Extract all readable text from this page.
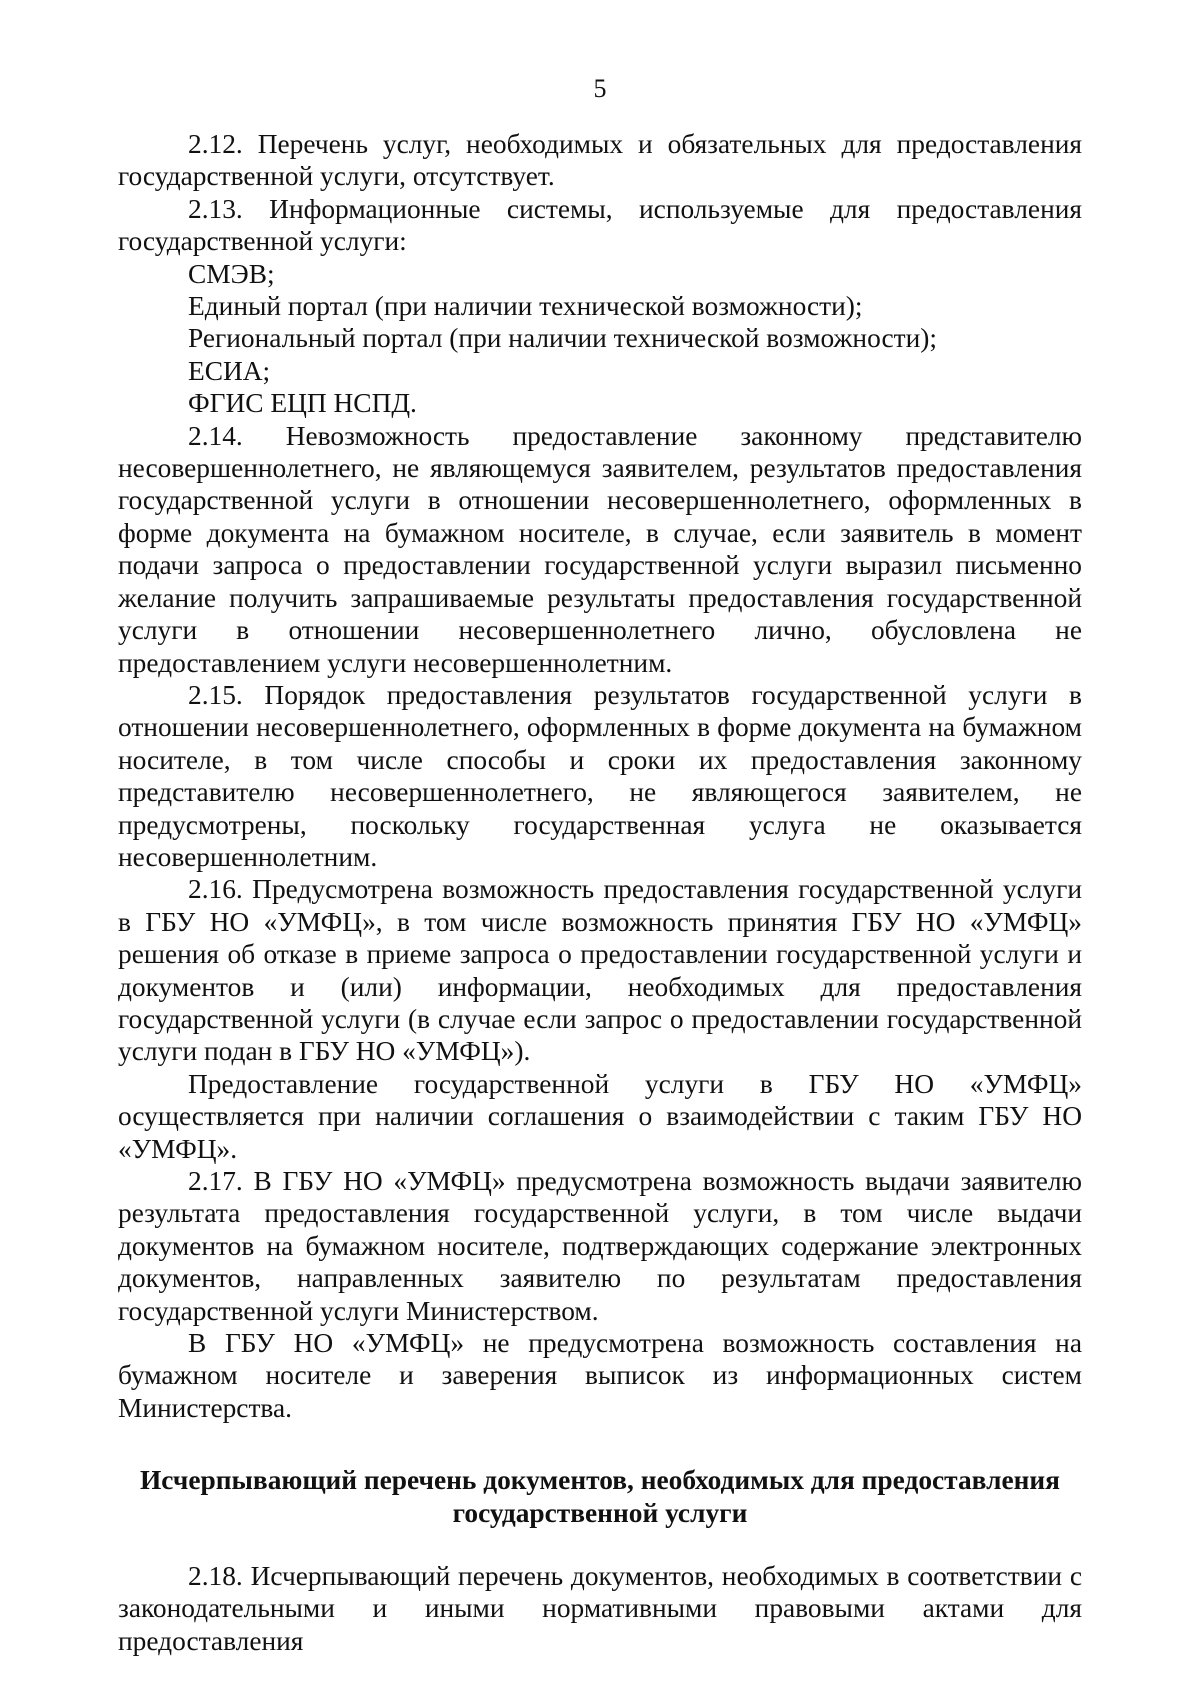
5

2.12. Перечень услуг, необходимых и обязательных для предоставления государственной услуги, отсутствует.

2.13. Информационные системы, используемые для предоставления государственной услуги:

СМЭВ;

Единый портал (при наличии технической возможности);

Региональный портал (при наличии технической возможности);

ЕСИА;

ФГИС ЕЦП НСПД.

2.14. Невозможность предоставление законному представителю несовершеннолетнего, не являющемуся заявителем, результатов предоставления государственной услуги в отношении несовершеннолетнего, оформленных в форме документа на бумажном носителе, в случае, если заявитель в момент подачи запроса о предоставлении государственной услуги выразил письменно желание получить запрашиваемые результаты предоставления государственной услуги в отношении несовершеннолетнего лично, обусловлена не предоставлением услуги несовершеннолетним.

2.15. Порядок предоставления результатов государственной услуги в отношении несовершеннолетнего, оформленных в форме документа на бумажном носителе, в том числе способы и сроки их предоставления законному представителю несовершеннолетнего, не являющегося заявителем, не предусмотрены, поскольку государственная услуга не оказывается несовершеннолетним.

2.16. Предусмотрена возможность предоставления государственной услуги в ГБУ НО «УМФЦ», в том числе возможность принятия ГБУ НО «УМФЦ» решения об отказе в приеме запроса о предоставлении государственной услуги и документов и (или) информации, необходимых для предоставления государственной услуги (в случае если запрос о предоставлении государственной услуги подан в ГБУ НО «УМФЦ»).

Предоставление государственной услуги в ГБУ НО «УМФЦ» осуществляется при наличии соглашения о взаимодействии с таким ГБУ НО «УМФЦ».

2.17. В ГБУ НО «УМФЦ» предусмотрена возможность выдачи заявителю результата предоставления государственной услуги, в том числе выдачи документов на бумажном носителе, подтверждающих содержание электронных документов, направленных заявителю по результатам предоставления государственной услуги Министерством.

В ГБУ НО «УМФЦ» не предусмотрена возможность составления на бумажном носителе и заверения выписок из информационных систем Министерства.

Исчерпывающий перечень документов, необходимых для предоставления
государственной услуги

2.18. Исчерпывающий перечень документов, необходимых в соответствии с законодательными и иными нормативными правовыми актами для предоставления
